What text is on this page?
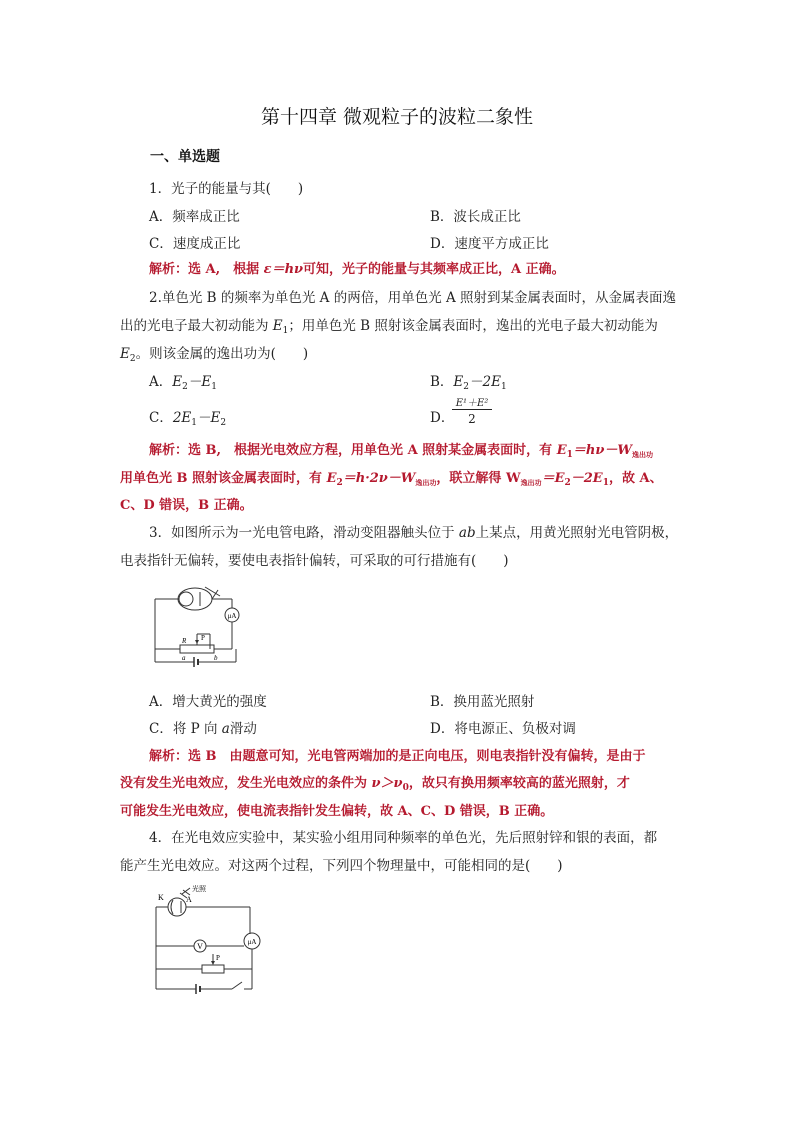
第十四章 微观粒子的波粒二象性
一、单选题
1．光子的能量与其(　　)
A．频率成正比	B．波长成正比
C．速度成正比	D．速度平方成正比
解析：选 A,　根据 ε＝hν可知，光子的能量与其频率成正比，A 正确。
2.单色光 B 的频率为单色光 A 的两倍，用单色光 A 照射到某金属表面时，从金属表面逸
出的光电子最大初动能为 $E_1$；用单色光 B 照射该金属表面时，逸出的光电子最大初动能为
$E_2$。则该金属的逸出功为(　　)
A．$E_2-E_1$	B．$E_2-2E_1$
C．$2E_1-E_2$	D．
E¹＋E²
2
解析：选 B,　根据光电效应方程，用单色光 A 照射某金属表面时，有 $E_1=h\nu-W_{逸出功}$
用单色光 B 照射该金属表面时，有 $E_2=h\cdot 2\nu-W_{逸出功}$，联立解得 $W_{逸出功}=E_2-2E_1$，故 A、
C、D 错误，B 正确。
3．如图所示为一光电管电路，滑动变阻器触头位于 ab上某点，用黄光照射光电管阴极，
电表指针无偏转，要使电表指针偏转，可采取的可行措施有(　　)
μA
R P
a	b
A．增大黄光的强度	B．换用蓝光照射
C．将 P 向 a滑动	D．将电源正、负极对调
解析：选 B　由题意可知，光电管两端加的是正向电压，则电表指针没有偏转，是由于
没有发生光电效应，发生光电效应的条件为 $\nu>\nu_0$，故只有换用频率较高的蓝光照射，才
可能发生光电效应，使电流表指针发生偏转，故 A、C、D 错误，B 正确。
4．在光电效应实验中，某实验小组用同种频率的单色光，先后照射锌和银的表面，都
能产生光电效应。对这两个过程，下列四个物理量中，可能相同的是(　　)
光照
K	A
V	μA
P
